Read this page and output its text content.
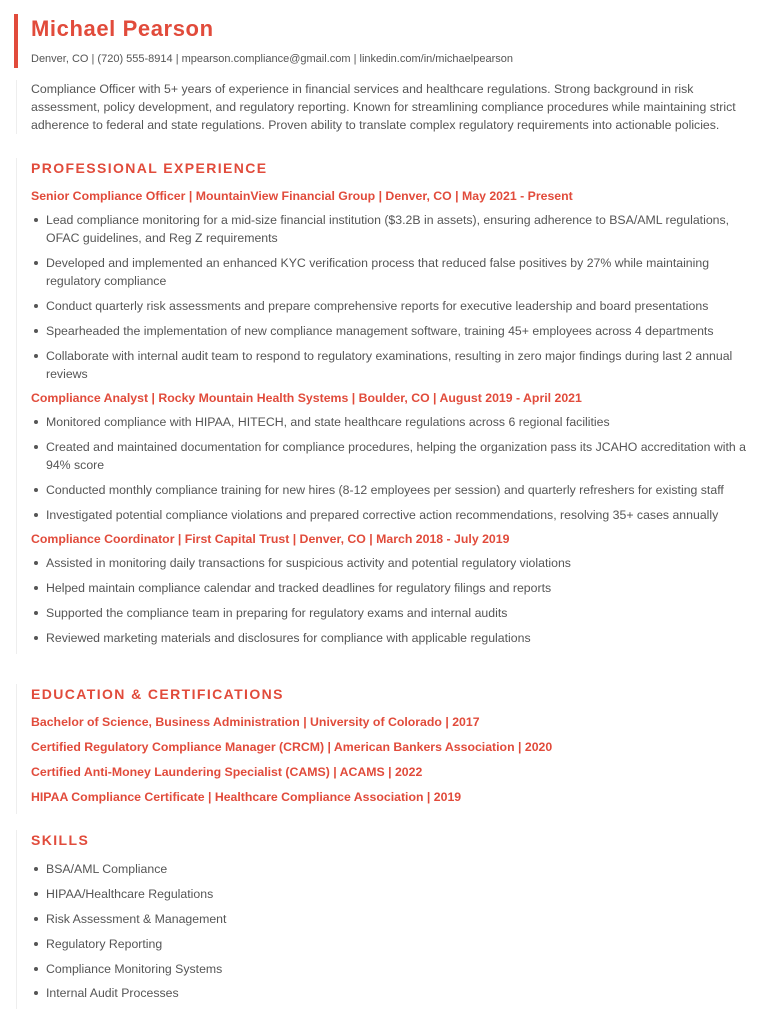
Michael Pearson
Denver, CO | (720) 555-8914 | mpearson.compliance@gmail.com | linkedin.com/in/michaelpearson
Compliance Officer with 5+ years of experience in financial services and healthcare regulations. Strong background in risk assessment, policy development, and regulatory reporting. Known for streamlining compliance procedures while maintaining strict adherence to federal and state regulations. Proven ability to translate complex regulatory requirements into actionable policies.
PROFESSIONAL EXPERIENCE
Senior Compliance Officer | MountainView Financial Group | Denver, CO | May 2021 - Present
Lead compliance monitoring for a mid-size financial institution ($3.2B in assets), ensuring adherence to BSA/AML regulations, OFAC guidelines, and Reg Z requirements
Developed and implemented an enhanced KYC verification process that reduced false positives by 27% while maintaining regulatory compliance
Conduct quarterly risk assessments and prepare comprehensive reports for executive leadership and board presentations
Spearheaded the implementation of new compliance management software, training 45+ employees across 4 departments
Collaborate with internal audit team to respond to regulatory examinations, resulting in zero major findings during last 2 annual reviews
Compliance Analyst | Rocky Mountain Health Systems | Boulder, CO | August 2019 - April 2021
Monitored compliance with HIPAA, HITECH, and state healthcare regulations across 6 regional facilities
Created and maintained documentation for compliance procedures, helping the organization pass its JCAHO accreditation with a 94% score
Conducted monthly compliance training for new hires (8-12 employees per session) and quarterly refreshers for existing staff
Investigated potential compliance violations and prepared corrective action recommendations, resolving 35+ cases annually
Compliance Coordinator | First Capital Trust | Denver, CO | March 2018 - July 2019
Assisted in monitoring daily transactions for suspicious activity and potential regulatory violations
Helped maintain compliance calendar and tracked deadlines for regulatory filings and reports
Supported the compliance team in preparing for regulatory exams and internal audits
Reviewed marketing materials and disclosures for compliance with applicable regulations
EDUCATION & CERTIFICATIONS
Bachelor of Science, Business Administration | University of Colorado | 2017
Certified Regulatory Compliance Manager (CRCM) | American Bankers Association | 2020
Certified Anti-Money Laundering Specialist (CAMS) | ACAMS | 2022
HIPAA Compliance Certificate | Healthcare Compliance Association | 2019
SKILLS
BSA/AML Compliance
HIPAA/Healthcare Regulations
Risk Assessment & Management
Regulatory Reporting
Compliance Monitoring Systems
Internal Audit Processes
